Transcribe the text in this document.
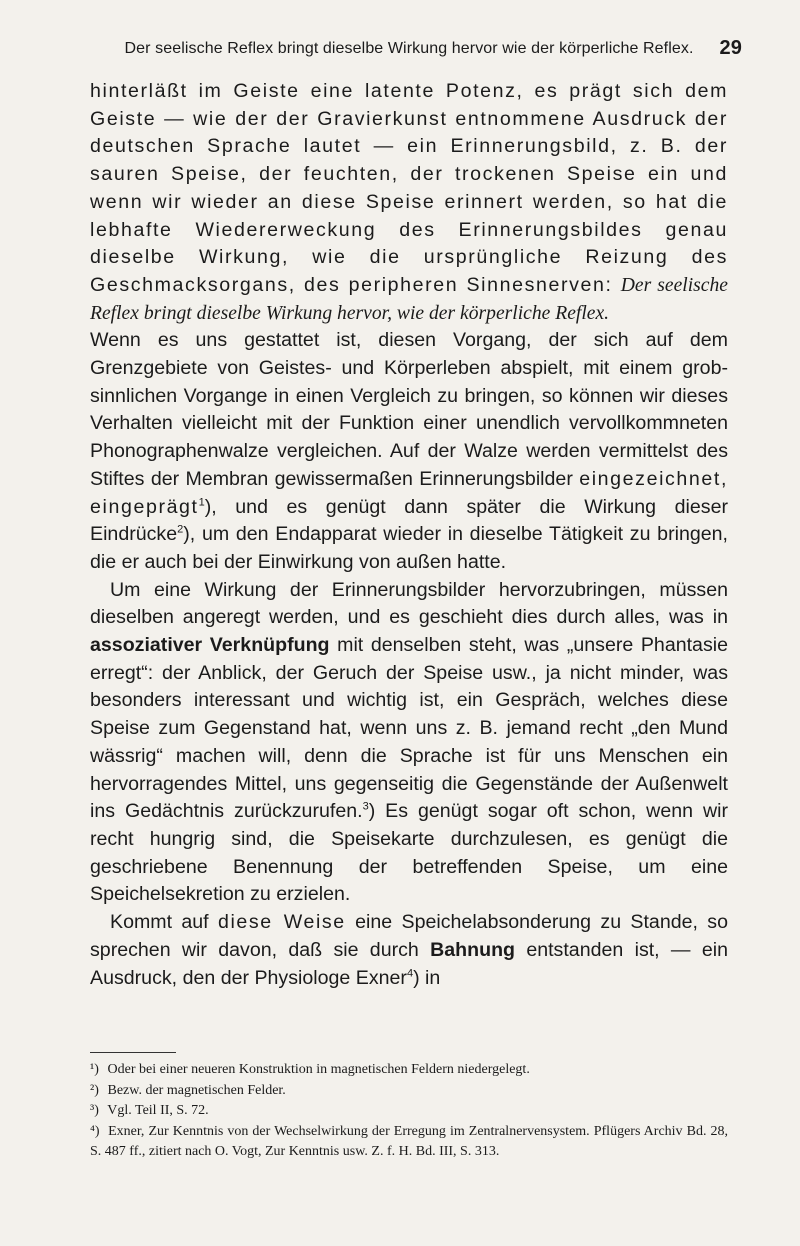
Der seelische Reflex bringt dieselbe Wirkung hervor wie der körperliche Reflex. 29

hinterläßt im Geiste eine latente Potenz, es prägt sich dem Geiste — wie der der Gravierkunst entnommene Ausdruck der deutschen Sprache lautet — ein Erinnerungsbild, z. B. der sauren Speise, der feuchten, der trockenen Speise ein und wenn wir wieder an diese Speise erinnert werden, so hat die lebhafte Wiedererweckung des Erinnerungsbildes genau dieselbe Wirkung, wie die ursprüngliche Reizung des Geschmacksorgans, des peripheren Sinnesnerven: Der seelische Reflex bringt dieselbe Wirkung hervor, wie der körperliche Reflex.

Wenn es uns gestattet ist, diesen Vorgang, der sich auf dem Grenzgebiete von Geistes- und Körperleben abspielt, mit einem grob-sinnlichen Vorgange in einen Vergleich zu bringen, so können wir dieses Verhalten vielleicht mit der Funktion einer unendlich vervollkommneten Phonographenwalze vergleichen. Auf der Walze werden vermittelst des Stiftes der Membran gewissermaßen Erinnerungsbilder eingezeichnet, eingeprägt$^1$), und es genügt dann später die Wirkung dieser Eindrücke$^2$), um den Endapparat wieder in dieselbe Tätigkeit zu bringen, die er auch bei der Einwirkung von außen hatte.

Um eine Wirkung der Erinnerungsbilder hervorzubringen, müssen dieselben angeregt werden, und es geschieht dies durch alles, was in assoziativer Verknüpfung mit denselben steht, was „unsere Phantasie erregt“: der Anblick, der Geruch der Speise usw., ja nicht minder, was besonders interessant und wichtig ist, ein Gespräch, welches diese Speise zum Gegenstand hat, wenn uns z. B. jemand recht „den Mund wässrig“ machen will, denn die Sprache ist für uns Menschen ein hervorragendes Mittel, uns gegenseitig die Gegenstände der Außenwelt ins Gedächtnis zurückzurufen.$^3$) Es genügt sogar oft schon, wenn wir recht hungrig sind, die Speisekarte durchzulesen, es genügt die geschriebene Benennung der betreffenden Speise, um eine Speichelsekretion zu erzielen.

Kommt auf diese Weise eine Speichelabsonderung zu Stande, so sprechen wir davon, daß sie durch Bahnung entstanden ist, — ein Ausdruck, den der Physiologe Exner$^4$) in

¹) Oder bei einer neueren Konstruktion in magnetischen Feldern niedergelegt.

²) Bezw. der magnetischen Felder.

³) Vgl. Teil II, S. 72.

⁴) Exner, Zur Kenntnis von der Wechselwirkung der Erregung im Zentralnervensystem. Pflügers Archiv Bd. 28, S. 487 ff., zitiert nach O. Vogt, Zur Kenntnis usw. Z. f. H. Bd. III, S. 313.
